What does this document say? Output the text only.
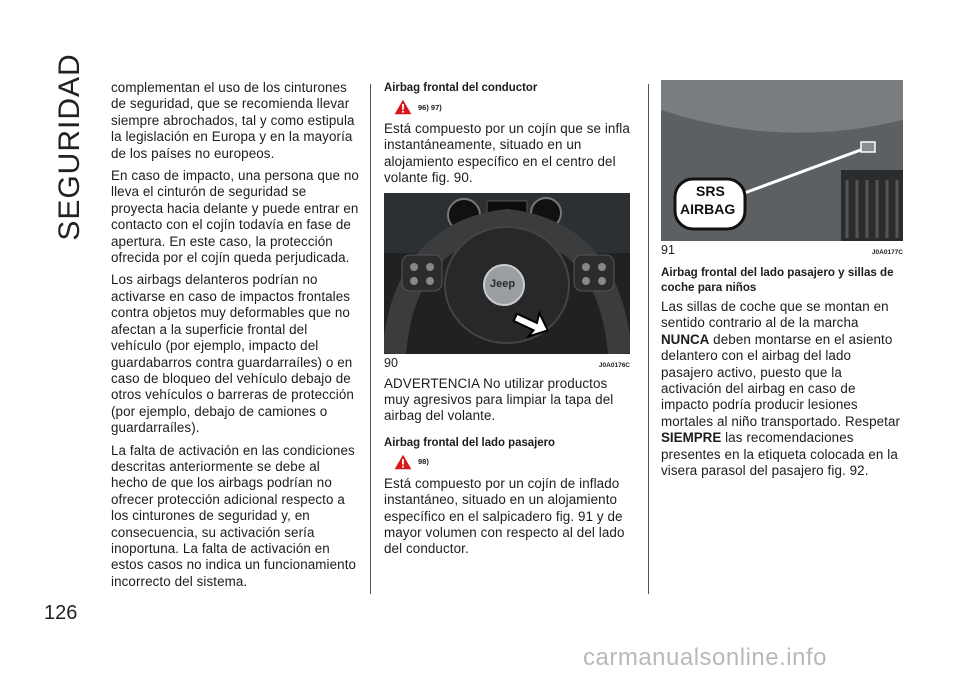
SEGURIDAD
126

complementan el uso de los cinturones de seguridad, que se recomienda llevar siempre abrochados, tal y como estipula la legislación en Europa y en la mayoría de los países no europeos.

En caso de impacto, una persona que no lleva el cinturón de seguridad se proyecta hacia delante y puede entrar en contacto con el cojín todavía en fase de apertura. En este caso, la protección ofrecida por el cojín queda perjudicada.

Los airbags delanteros podrían no activarse en caso de impactos frontales contra objetos muy deformables que no afectan a la superficie frontal del vehículo (por ejemplo, impacto del guardabarros contra guardarraíles) o en caso de bloqueo del vehículo debajo de otros vehículos o barreras de protección (por ejemplo, debajo de camiones o guardarraíles).

La falta de activación en las condiciones descritas anteriormente se debe al hecho de que los airbags podrían no ofrecer protección adicional respecto a los cinturones de seguridad y, en consecuencia, su activación sería inoportuna. La falta de activación en estos casos no indica un funcionamiento incorrecto del sistema.

Airbag frontal del conductor
96) 97)

Está compuesto por un cojín que se infla instantáneamente, situado en un alojamiento específico en el centro del volante fig. 90.

Jeep
90	J0A0176C

ADVERTENCIA No utilizar productos muy agresivos para limpiar la tapa del airbag del volante.

Airbag frontal del lado pasajero
98)

Está compuesto por un cojín de inflado instantáneo, situado en un alojamiento específico en el salpicadero fig. 91 y de mayor volumen con respecto al del lado del conductor.

SRS
AIRBAG
91	J0A0177C
Airbag frontal del lado pasajero y sillas de coche para niños

Las sillas de coche que se montan en sentido contrario al de la marcha NUNCA deben montarse en el asiento delantero con el airbag del lado pasajero activo, puesto que la activación del airbag en caso de impacto podría producir lesiones mortales al niño transportado. Respetar SIEMPRE las recomendaciones presentes en la etiqueta colocada en la visera parasol del pasajero fig. 92.

carmanualsonline.info
